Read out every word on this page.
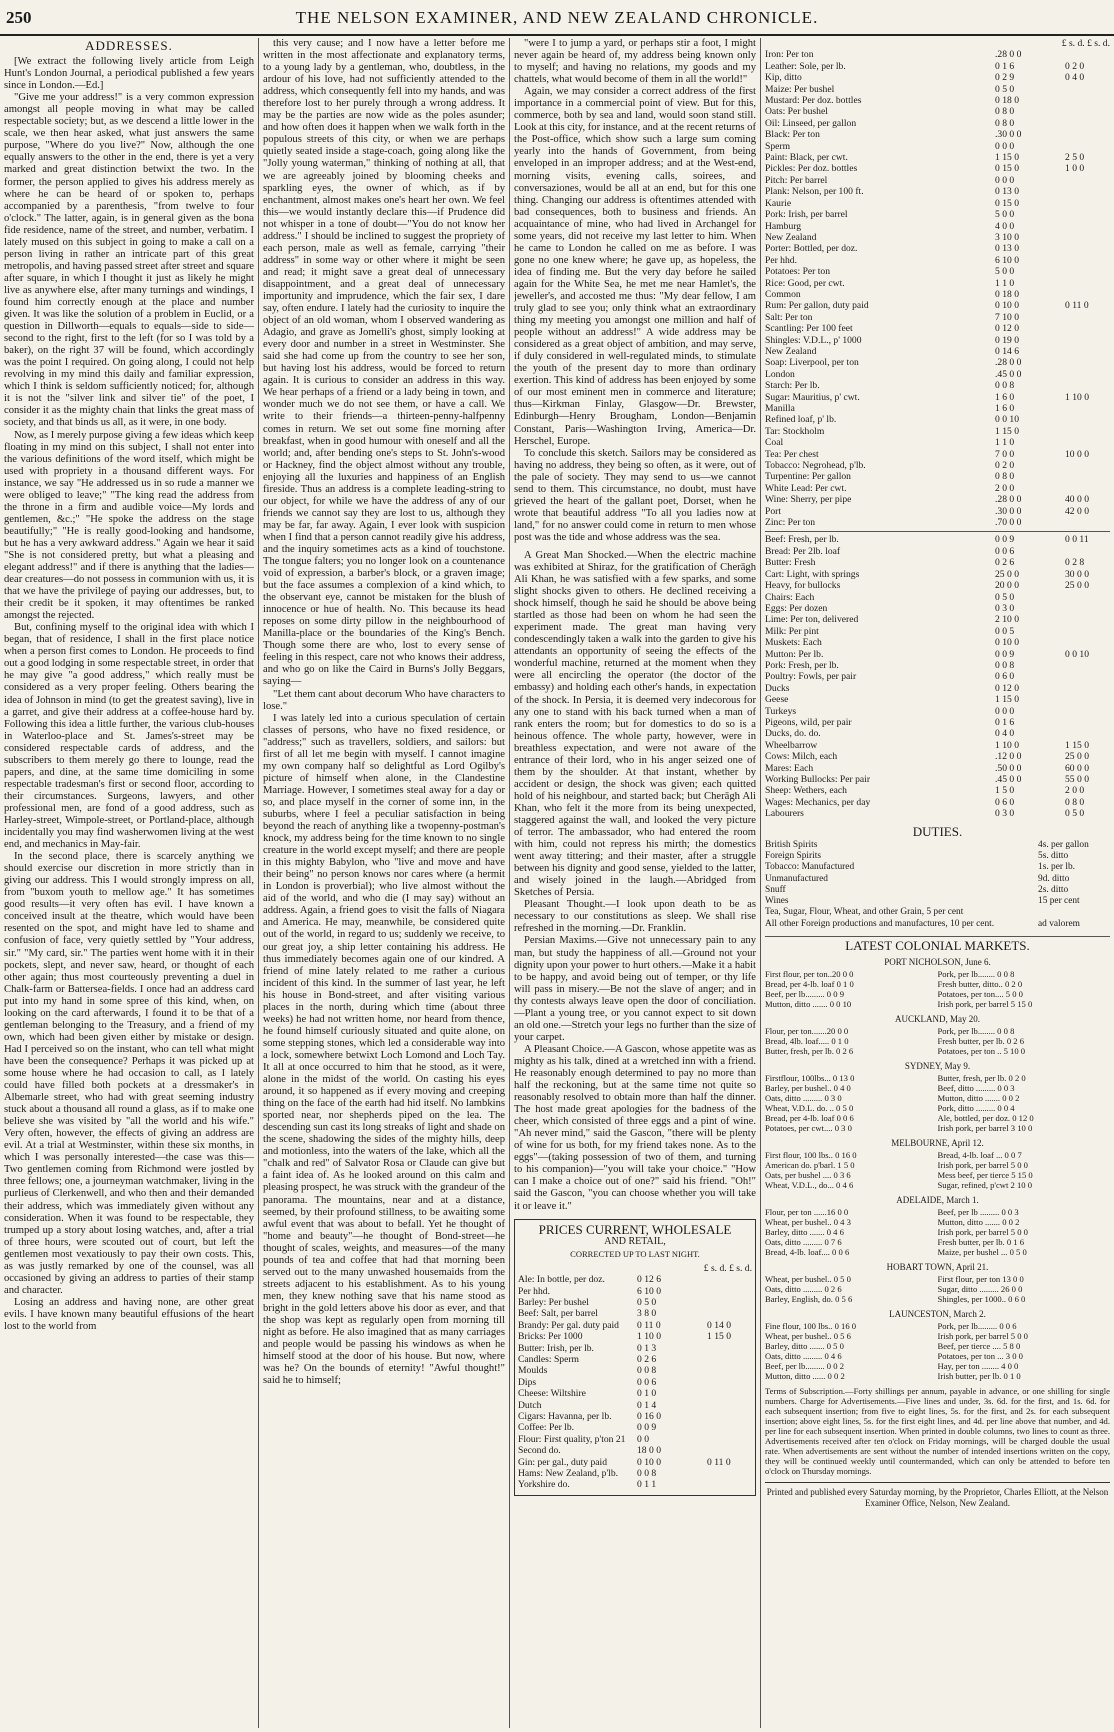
250	THE NELSON EXAMINER, AND NEW ZEALAND CHRONICLE.
ADDRESSES.

[We extract the following lively article from Leigh Hunt's London Journal, a periodical published a few years since in London.—Ed.]

"Give me your address!" is a very common expression amongst all people moving in what may be called respectable society; but, as we descend a little lower in the scale, we then hear asked, what just answers the same purpose, "Where do you live?" Now, although the one equally answers to the other in the end, there is yet a very marked and great distinction betwixt the two. In the former, the person applied to gives his address merely as where he can be heard of or spoken to, perhaps accompanied by a parenthesis, "from twelve to four o'clock." The latter, again, is in general given as the bona fide residence, name of the street, and number, verbatim. I lately mused on this subject in going to make a call on a person living in rather an intricate part of this great metropolis, and having passed street after street and square after square, in which I thought it just as likely he might live as anywhere else, after many turnings and windings, I found him correctly enough at the place and number given. It was like the solution of a problem in Euclid, or a question in Dillworth—equals to equals—side to side—second to the right, first to the left (for so I was told by a baker), on the right 37 will be found, which accordingly was the point I required. On going along, I could not help revolving in my mind this daily and familiar expression, which I think is seldom sufficiently noticed; for, although it is not the "silver link and silver tie" of the poet, I consider it as the mighty chain that links the great mass of society, and that binds us all, as it were, in one body.

Now, as I merely purpose giving a few ideas which keep floating in my mind on this subject, I shall not enter into the various definitions of the word itself, which might be used with propriety in a thousand different ways. For instance, we say "He addressed us in so rude a manner we were obliged to leave;" "The king read the address from the throne in a firm and audible voice—My lords and gentlemen, &c.;" "He spoke the address on the stage beautifully;" "He is really good-looking and handsome, but he has a very awkward address." Again we hear it said "She is not considered pretty, but what a pleasing and elegant address!" and if there is anything that the ladies—dear creatures—do not possess in communion with us, it is that we have the privilege of paying our addresses, but, to their credit be it spoken, it may oftentimes be ranked amongst the rejected.

But, confining myself to the original idea with which I began, that of residence, I shall in the first place notice when a person first comes to London. He proceeds to find out a good lodging in some respectable street, in order that he may give "a good address," which really must be considered as a very proper feeling. Others bearing the idea of Johnson in mind (to get the greatest saving), live in a garret, and give their address at a coffee-house hard by. Following this idea a little further, the various club-houses in Waterloo-place and St. James's-street may be considered respectable cards of address, and the subscribers to them merely go there to lounge, read the papers, and dine, at the same time domiciling in some respectable tradesman's first or second floor, according to their circumstances. Surgeons, lawyers, and other professional men, are fond of a good address, such as Harley-street, Wimpole-street, or Portland-place, although incidentally you may find washerwomen living at the west end, and mechanics in May-fair.

In the second place, there is scarcely anything we should exercise our discretion in more strictly than in giving our address. This I would strongly impress on all, from "buxom youth to mellow age." It has sometimes good results—it very often has evil. I have known a conceived insult at the theatre, which would have been resented on the spot, and might have led to shame and confusion of face, very quietly settled by "Your address, sir." "My card, sir." The parties went home with it in their pockets, slept, and never saw, heard, or thought of each other again; thus most courteously preventing a duel in Chalk-farm or Battersea-fields. I once had an address card put into my hand in some spree of this kind, when, on looking on the card afterwards, I found it to be that of a gentleman belonging to the Treasury, and a friend of my own, which had been given either by mistake or design. Had I perceived so on the instant, who can tell what might have been the consequence? Perhaps it was picked up at some house where he had occasion to call, as I lately could have filled both pockets at a dressmaker's in Albemarle street, who had with great seeming industry stuck about a thousand all round a glass, as if to make one believe she was visited by "all the world and his wife." Very often, however, the effects of giving an address are evil. At a trial at Westminster, within these six months, in which I was personally interested—the case was this—Two gentlemen coming from Richmond were jostled by three fellows; one, a journeyman watchmaker, living in the purlieus of Clerkenwell, and who then and their demanded their address, which was immediately given without any consideration. When it was found to be respectable, they trumped up a story about losing watches, and, after a trial of three hours, were scouted out of court, but left the gentlemen most vexatiously to pay their own costs. This, as was justly remarked by one of the counsel, was all occasioned by giving an address to parties of their stamp and character.

Losing an address and having none, are other great evils. I have known many beautiful effusions of the heart lost to the world from

this very cause; and I now have a letter before me written in the most affectionate and explanatory terms, to a young lady by a gentleman, who, doubtless, in the ardour of his love, had not sufficiently attended to the address, which consequently fell into my hands, and was therefore lost to her purely through a wrong address. It may be the parties are now wide as the poles asunder; and how often does it happen when we walk forth in the populous streets of this city, or when we are perhaps quietly seated inside a stage-coach, going along like the "Jolly young waterman," thinking of nothing at all, that we are agreeably joined by blooming cheeks and sparkling eyes, the owner of which, as if by enchantment, almost makes one's heart her own. We feel this—we would instantly declare this—if Prudence did not whisper in a tone of doubt—"You do not know her address." I should be inclined to suggest the propriety of each person, male as well as female, carrying "their address" in some way or other where it might be seen and read; it might save a great deal of unnecessary disappointment, and a great deal of unnecessary importunity and imprudence, which the fair sex, I dare say, often endure. I lately had the curiosity to inquire the object of an old woman, whom I observed wandering as Adagio, and grave as Jomelli's ghost, simply looking at every door and number in a street in Westminster. She said she had come up from the country to see her son, but having lost his address, would be forced to return again. It is curious to consider an address in this way. We hear perhaps of a friend or a lady being in town, and wonder much we do not see them, or have a call. We write to their friends—a thirteen-penny-halfpenny comes in return. We set out some fine morning after breakfast, when in good humour with oneself and all the world; and, after bending one's steps to St. John's-wood or Hackney, find the object almost without any trouble, enjoying all the luxuries and happiness of an English fireside. Thus an address is a complete leading-string to our object, for while we have the address of any of our friends we cannot say they are lost to us, although they may be far, far away. Again, I ever look with suspicion when I find that a person cannot readily give his address, and the inquiry sometimes acts as a kind of touchstone. The tongue falters; you no longer look on a countenance void of expression, a barber's block, or a graven image; but the face assumes a complexion of a kind which, to the observant eye, cannot be mistaken for the blush of innocence or hue of health. No. This because its head reposes on some dirty pillow in the neighbourhood of Manilla-place or the boundaries of the King's Bench. Though some there are who, lost to every sense of feeling in this respect, care not who knows their address, and who go on like the Caird in Burns's Jolly Beggars, saying—

"Let them cant about decorum Who have characters to lose."

I was lately led into a curious speculation of certain classes of persons, who have no fixed residence, or "address;" such as travellers, soldiers, and sailors: but first of all let me begin with myself. I cannot imagine my own company half so delightful as Lord Ogilby's picture of himself when alone, in the Clandestine Marriage. However, I sometimes steal away for a day or so, and place myself in the corner of some inn, in the suburbs, where I feel a peculiar satisfaction in being beyond the reach of anything like a twopenny-postman's knock, my address being for the time known to no single creature in the world except myself; and there are people in this mighty Babylon, who "live and move and have their being" no person knows nor cares where (a hermit in London is proverbial); who live almost without the aid of the world, and who die (I may say) without an address. Again, a friend goes to visit the falls of Niagara and America. He may, meanwhile, be considered quite out of the world, in regard to us; suddenly we receive, to our great joy, a ship letter containing his address. He thus immediately becomes again one of our kindred. A friend of mine lately related to me rather a curious incident of this kind. In the summer of last year, he left his house in Bond-street, and after visiting various places in the north, during which time (about three weeks) he had not written home, nor heard from thence, he found himself curiously situated and quite alone, on some stepping stones, which led a considerable way into a lock, somewhere betwixt Loch Lomond and Loch Tay. It all at once occurred to him that he stood, as it were, alone in the midst of the world. On casting his eyes around, it so happened as if every moving and creeping thing on the face of the earth had hid itself. No lambkins sported near, nor shepherds piped on the lea. The descending sun cast its long streaks of light and shade on the scene, shadowing the sides of the mighty hills, deep and motionless, into the waters of the lake, which all the "chalk and red" of Salvator Rosa or Claude can give but a faint idea of. As he looked around on this calm and pleasing prospect, he was struck with the grandeur of the panorama. The mountains, near and at a distance, seemed, by their profound stillness, to be awaiting some awful event that was about to befall. Yet he thought of "home and beauty"—he thought of Bond-street—he thought of scales, weights, and measures—of the many pounds of tea and coffee that had that morning been served out to the many unwashed housemaids from the streets adjacent to his establishment. As to his young men, they knew nothing save that his name stood as bright in the gold letters above his door as ever, and that the shop was kept as regularly open from morning till night as before. He also imagined that as many carriages and people would be passing his windows as when he himself stood at the door of his house. But now, where was he? On the bounds of eternity! "Awful thought!" said he to himself;

"were I to jump a yard, or perhaps stir a foot, I might never again be heard of, my address being known only to myself; and having no relations, my goods and my chattels, what would become of them in all the world!"

Again, we may consider a correct address of the first importance in a commercial point of view. But for this, commerce, both by sea and land, would soon stand still. Look at this city, for instance, and at the recent returns of the Post-office, which show such a large sum coming yearly into the hands of Government, from being enveloped in an improper address; and at the West-end, morning visits, evening calls, soirees, and conversaziones, would be all at an end, but for this one thing. Changing our address is oftentimes attended with bad consequences, both to business and friends. An acquaintance of mine, who had lived in Archangel for some years, did not receive my last letter to him. When he came to London he called on me as before. I was gone no one knew where; he gave up, as hopeless, the idea of finding me. But the very day before he sailed again for the White Sea, he met me near Hamlet's, the jeweller's, and accosted me thus: "My dear fellow, I am truly glad to see you; only think what an extraordinary thing my meeting you amongst one million and half of people without an address!" A wide address may be considered as a great object of ambition, and may serve, if duly considered in well-regulated minds, to stimulate the youth of the present day to more than ordinary exertion. This kind of address has been enjoyed by some of our most eminent men in commerce and literature; thus—Kirkman Finlay, Glasgow—Dr. Brewster, Edinburgh—Henry Brougham, London—Benjamin Constant, Paris—Washington Irving, America—Dr. Herschel, Europe.

To conclude this sketch. Sailors may be considered as having no address, they being so often, as it were, out of the pale of society. They may send to us—we cannot send to them. This circumstance, no doubt, must have grieved the heart of the gallant poet, Dorset, when he wrote that beautiful address "To all you ladies now at land," for no answer could come in return to men whose post was the tide and whose address was the sea.

A Great Man Shocked.—When the electric machine was exhibited at Shiraz, for the gratification of Cherāgh Ali Khan, he was satisfied with a few sparks, and some slight shocks given to others. He declined receiving a shock himself, though he said he should be above being startled as those had been on whom he had seen the experiment made. The great man having very condescendingly taken a walk into the garden to give his attendants an opportunity of seeing the effects of the wonderful machine, returned at the moment when they were all encircling the operator (the doctor of the embassy) and holding each other's hands, in expectation of the shock. In Persia, it is deemed very indecorous for any one to stand with his back turned when a man of rank enters the room; but for domestics to do so is a heinous offence. The whole party, however, were in breathless expectation, and were not aware of the entrance of their lord, who in his anger seized one of them by the shoulder. At that instant, whether by accident or design, the shock was given; each quitted hold of his neighbour, and started back; but Cherāgh Ali Khan, who felt it the more from its being unexpected, staggered against the wall, and looked the very picture of terror. The ambassador, who had entered the room with him, could not repress his mirth; the domestics went away tittering; and their master, after a struggle between his dignity and good sense, yielded to the latter, and wisely joined in the laugh.—Abridged from Sketches of Persia.

Pleasant Thought.—I look upon death to be as necessary to our constitutions as sleep. We shall rise refreshed in the morning.—Dr. Franklin.

Persian Maxims.—Give not unnecessary pain to any man, but study the happiness of all.—Ground not your dignity upon your power to hurt others.—Make it a habit to be happy, and avoid being out of temper, or thy life will pass in misery.—Be not the slave of anger; and in thy contests always leave open the door of conciliation.—Plant a young tree, or you cannot expect to sit down an old one.—Stretch your legs no further than the size of your carpet.

A Pleasant Choice.—A Gascon, whose appetite was as mighty as his talk, dined at a wretched inn with a friend. He reasonably enough determined to pay no more than half the reckoning, but at the same time not quite so reasonably resolved to obtain more than half the dinner. The host made great apologies for the badness of the cheer, which consisted of three eggs and a pint of wine. "Ah never mind," said the Gascon, "there will be plenty of wine for us both, for my friend takes none. As to the eggs"—(taking possession of two of them, and turning to his companion)—"you will take your choice." "How can I make a choice out of one?" said his friend. "Oh!" said the Gascon, "you can choose whether you will take it or leave it."

PRICES CURRENT, WHOLESALE
AND RETAIL,
CORRECTED UP TO LAST NIGHT.
£ s. d. £ s. d.
Ale: In bottle, per doz.	0 12 6
Per hhd.	6 10 0
Barley: Per bushel	0 5 0
Beef: Salt, per barrel	3 8 0
Brandy: Per gal. duty paid	0 11 0	0 14 0
Bricks: Per 1000	1 10 0	1 15 0
Butter: Irish, per lb.	0 1 3
Candles: Sperm	0 2 6
Moulds	0 0 8
Dips	0 0 6
Cheese: Wiltshire	0 1 0
Dutch	0 1 4
Cigars: Havanna, per lb.	0 16 0
Coffee: Per lb.	0 0 9
Flour: First quality, p'ton 21	0 0
Second do.	18 0 0
Gin: per gal., duty paid	0 10 0	0 11 0
Hams: New Zealand, p'lb.	0 0 8
Yorkshire do.	0 1 1
£ s. d. £ s. d.
Iron: Per ton	.28 0 0
Leather: Sole, per lb.	0 1 6	0 2 0
Kip, ditto	0 2 9	0 4 0
Maize: Per bushel	0 5 0
Mustard: Per doz. bottles	0 18 0
Oats: Per bushel	0 8 0
Oil: Linseed, per gallon	0 8 0
Black: Per ton	.30 0 0
Sperm	0 0 0
Paint: Black, per cwt.	1 15 0	2 5 0
Pickles: Per doz. bottles	0 15 0	1 0 0
Pitch: Per barrel	0 0 0
Plank: Nelson, per 100 ft.	0 13 0
Kaurie	0 15 0
Pork: Irish, per barrel	5 0 0
Hamburg	4 0 0
New Zealand	3 10 0
Porter: Bottled, per doz.	0 13 0
Per hhd.	6 10 0
Potatoes: Per ton	5 0 0
Rice: Good, per cwt.	1 1 0
Common	0 18 0
Rum: Per gallon, duty paid	0 10 0	0 11 0
Salt: Per ton	7 10 0
Scantling: Per 100 feet	0 12 0
Shingles: V.D.L., p' 1000	0 19 0
New Zealand	0 14 6
Soap: Liverpool, per ton	.28 0 0
London	.45 0 0
Starch: Per lb.	0 0 8
Sugar: Mauritius, p' cwt.	1 6 0	1 10 0
Manilla	1 6 0
Refined loaf, p' lb.	0 0 10
Tar: Stockholm	1 15 0
Coal	1 1 0
Tea: Per chest	7 0 0	10 0 0
Tobacco: Negrohead, p'lb.	0 2 0
Turpentine: Per gallon	0 8 0
White Lead: Per cwt.	2 0 0
Wine: Sherry, per pipe	.28 0 0	40 0 0
Port	.30 0 0	42 0 0
Zinc: Per ton	.70 0 0
Beef: Fresh, per lb.	0 0 9	0 0 11
Bread: Per 2lb. loaf	0 0 6
Butter: Fresh	0 2 6	0 2 8
Cart: Light, with springs	25 0 0	30 0 0
Heavy, for bullocks	20 0 0	25 0 0
Chairs: Each	0 5 0
Eggs: Per dozen	0 3 0
Lime: Per ton, delivered	2 10 0
Milk: Per pint	0 0 5
Muskets: Each	0 10 0
Mutton: Per lb.	0 0 9	0 0 10
Pork: Fresh, per lb.	0 0 8
Poultry: Fowls, per pair	0 6 0
Ducks	0 12 0
Geese	1 15 0
Turkeys	0 0 0
Pigeons, wild, per pair	0 1 6
Ducks, do. do.	0 4 0
Wheelbarrow	1 10 0	1 15 0
Cows: Milch, each	.12 0 0	25 0 0
Mares: Each	.50 0 0	60 0 0
Working Bullocks: Per pair	.45 0 0	55 0 0
Sheep: Wethers, each	1 5 0	2 0 0
Wages: Mechanics, per day	0 6 0	0 8 0
Labourers	0 3 0	0 5 0
DUTIES.
British Spirits	4s. per gallon
Foreign Spirits	5s. ditto
Tobacco: Manufactured	1s. per lb.
Unmanufactured	9d. ditto
Snuff	2s. ditto
Wines	15 per cent
Tea, Sugar, Flour, Wheat, and other Grain, 5 per cent
All other Foreign productions and manufactures, 10 per cent.	ad valorem
LATEST COLONIAL MARKETS.
PORT NICHOLSON, June 6.
First flour, per ton..20 0 0	Pork, per lb........ 0 0 8
Bread, per 4-lb. loaf 0 1 0	Fresh butter, ditto.. 0 2 0
Beef, per lb......... 0 0 9	Potatoes, per ton.... 5 0 0
Mutton, ditto ....... 0 0 10	Irish pork, per barrel 5 15 0
AUCKLAND, May 20.
Flour, per ton.......20 0 0	Pork, per lb........ 0 0 8
Bread, 4lb. loaf..... 0 1 0	Fresh butter, per lb. 0 2 6
Butter, fresh, per lb. 0 2 6	Potatoes, per ton .. 5 10 0
SYDNEY, May 9.
Firstflour, 100lbs... 0 13 0	Butter, fresh, per lb. 0 2 0
Barley, per bushel.. 0 4 0	Beef, ditto ......... 0 0 3
Oats, ditto ......... 0 3 0	Mutton, ditto ....... 0 0 2
Wheat, V.D.L. do. .. 0 5 0	Pork, ditto ......... 0 0 4
Bread, per 4-lb. loaf 0 0 6	Ale, bottled, per doz. 0 12 0
Potatoes, per cwt.... 0 3 0	Irish pork, per barrel 3 10 0
MELBOURNE, April 12.
First flour, 100 lbs.. 0 16 0	Bread, 4-lb. loaf ... 0 0 7
American do. p'barl. 1 5 0	Irish pork, per barrel 5 0 0
Oats, per bushel .... 0 3 6	Mess beef, per tierce 5 15 0
Wheat, V.D.L., do... 0 4 6	Sugar, refined, p'cwt 2 10 0
ADELAIDE, March 1.
Flour, per ton ......16 0 0	Beef, per lb ......... 0 0 3
Wheat, per bushel.. 0 4 3	Mutton, ditto ....... 0 0 2
Barley, ditto ....... 0 4 6	Irish pork, per barrel 5 0 0
Oats, ditto ......... 0 7 6	Fresh butter, per lb. 0 1 6
Bread, 4-lb. loaf.... 0 0 6	Maize, per bushel ... 0 5 0
HOBART TOWN, April 21.
Wheat, per bushel.. 0 5 0	First flour, per ton 13 0 0
Oats, ditto ......... 0 2 6	Sugar, ditto ......... 26 0 0
Barley, English, do. 0 5 6	Shingles, per 1000.. 0 6 0
LAUNCESTON, March 2.
Fine flour, 100 lbs.. 0 16 0	Pork, per lb......... 0 0 6
Wheat, per bushel.. 0 5 6	Irish pork, per barrel 5 0 0
Barley, ditto ....... 0 5 0	Beef, per tierce .... 5 8 0
Oats, ditto ......... 0 4 6	Potatoes, per ton ... 3 0 0
Beef, per lb......... 0 0 2	Hay, per ton ........ 4 0 0
Mutton, ditto ...... 0 0 2	Irish butter, per lb. 0 1 0
Terms of Subscription.—Forty shillings per annum, payable in advance, or one shilling for single numbers. Charge for Advertisements.—Five lines and under, 3s. 6d. for the first, and 1s. 6d. for each subsequent insertion; from five to eight lines, 5s. for the first, and 2s. for each subsequent insertion; above eight lines, 5s. for the first eight lines, and 4d. per line above that number, and 4d. per line for each subsequent insertion. When printed in double columns, two lines to count as three. Advertisements received after ten o'clock on Friday mornings, will be charged double the usual rate. When advertisements are sent without the number of intended insertions written on the copy, they will be continued weekly until countermanded, which can only be attended to before ten o'clock on Thursday mornings.
Printed and published every Saturday morning, by the Proprietor, Charles Elliott, at the Nelson Examiner Office, Nelson, New Zealand.
